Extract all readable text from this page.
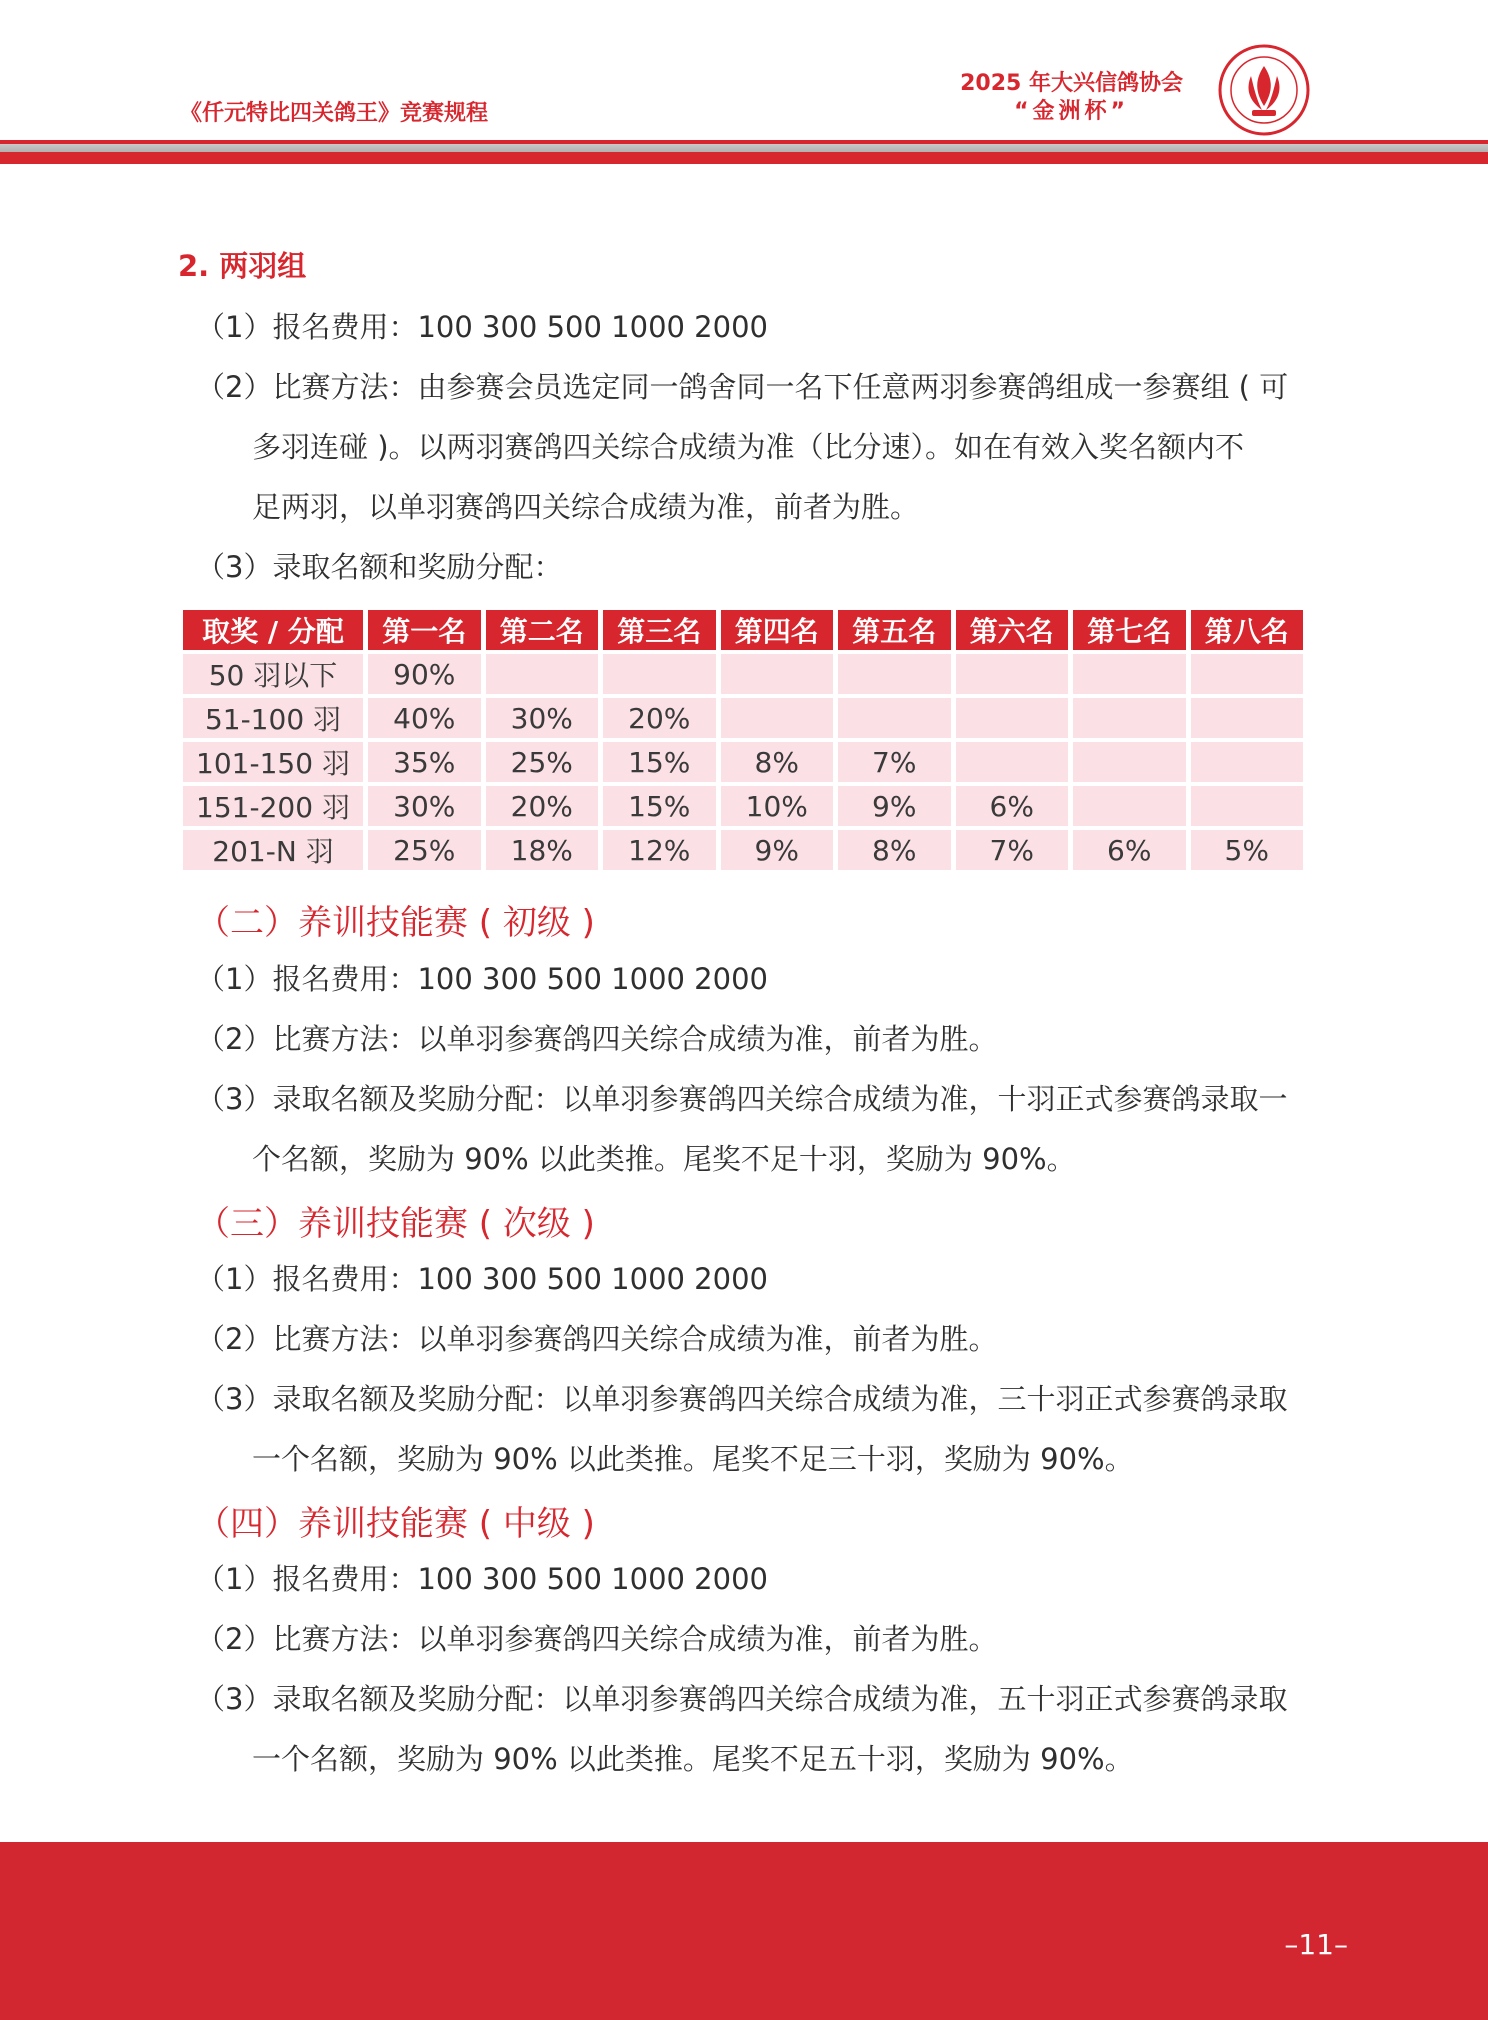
《仟元特比四关鸽王》竞赛规程
2025 年大兴信鸽协会
“金洲杯”
2. 两羽组
（1）报名费用：100 300 500 1000 2000
（2）比赛方法：由参赛会员选定同一鸽舍同一名下任意两羽参赛鸽组成一参赛组 ( 可
多羽连碰 )。以两羽赛鸽四关综合成绩为准（比分速）。如在有效入奖名额内不
足两羽，以单羽赛鸽四关综合成绩为准，前者为胜。
（3）录取名额和奖励分配：
取奖 / 分配	第一名	第二名	第三名	第四名	第五名	第六名	第七名	第八名
50 羽以下	90%							
51-100 羽	40%	30%	20%					
101-150 羽	35%	25%	15%	8%	7%			
151-200 羽	30%	20%	15%	10%	9%	6%		
201-N 羽	25%	18%	12%	9%	8%	7%	6%	5%
（二）养训技能赛 ( 初级 )
（1）报名费用：100 300 500 1000 2000
（2）比赛方法：以单羽参赛鸽四关综合成绩为准，前者为胜。
（3）录取名额及奖励分配：以单羽参赛鸽四关综合成绩为准，十羽正式参赛鸽录取一
个名额，奖励为 90% 以此类推。尾奖不足十羽，奖励为 90%。
（三）养训技能赛 ( 次级 )
（1）报名费用：100 300 500 1000 2000
（2）比赛方法：以单羽参赛鸽四关综合成绩为准，前者为胜。
（3）录取名额及奖励分配：以单羽参赛鸽四关综合成绩为准，三十羽正式参赛鸽录取
一个名额，奖励为 90% 以此类推。尾奖不足三十羽，奖励为 90%。
（四）养训技能赛 ( 中级 )
（1）报名费用：100 300 500 1000 2000
（2）比赛方法：以单羽参赛鸽四关综合成绩为准，前者为胜。
（3）录取名额及奖励分配：以单羽参赛鸽四关综合成绩为准，五十羽正式参赛鸽录取
一个名额，奖励为 90% 以此类推。尾奖不足五十羽，奖励为 90%。
–11–
